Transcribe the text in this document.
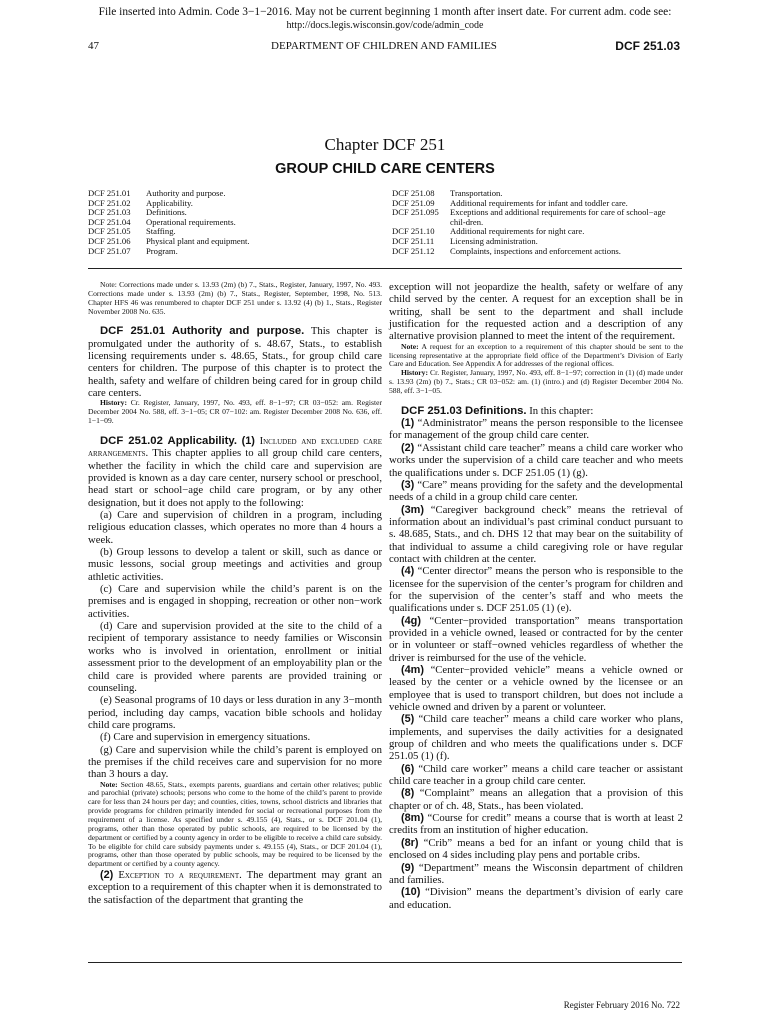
File inserted into Admin. Code 3−1−2016. May not be current beginning 1 month after insert date. For current adm. code see:
http://docs.legis.wisconsin.gov/code/admin_code
47	DEPARTMENT OF CHILDREN AND FAMILIES	DCF 251.03
Chapter DCF 251
GROUP CHILD CARE CENTERS
DCF 251.01	Authority and purpose.
DCF 251.02	Applicability.
DCF 251.03	Definitions.
DCF 251.04	Operational requirements.
DCF 251.05	Staffing.
DCF 251.06	Physical plant and equipment.
DCF 251.07	Program.
DCF 251.08	Transportation.
DCF 251.09	Additional requirements for infant and toddler care.
DCF 251.095	Exceptions and additional requirements for care of school−age chil-dren.
DCF 251.10	Additional requirements for night care.
DCF 251.11	Licensing administration.
DCF 251.12	Complaints, inspections and enforcement actions.

Note: Corrections made under s. 13.93 (2m) (b) 7., Stats., Register, January, 1997, No. 493. Corrections made under s. 13.93 (2m) (b) 7., Stats., Register, September, 1998, No. 513. Chapter HFS 46 was renumbered to chapter DCF 251 under s. 13.92 (4) (b) 1., Stats., Register November 2008 No. 635.

DCF 251.01 Authority and purpose. This chapter is promulgated under the authority of s. 48.67, Stats., to establish licensing requirements under s. 48.65, Stats., for group child care centers for children. The purpose of this chapter is to protect the health, safety and welfare of children being cared for in group child care centers.

History: Cr. Register, January, 1997, No. 493, eff. 8−1−97; CR 03−052: am. Register December 2004 No. 588, eff. 3−1−05; CR 07−102: am. Register December 2008 No. 636, eff. 1−1−09.

DCF 251.02 Applicability. (1) Included and excluded care arrangements. This chapter applies to all group child care centers, whether the facility in which the child care and supervision are provided is known as a day care center, nursery school or preschool, head start or school−age child care program, or by any other designation, but it does not apply to the following:

(a) Care and supervision of children in a program, including religious education classes, which operates no more than 4 hours a week.

(b) Group lessons to develop a talent or skill, such as dance or music lessons, social group meetings and activities and group athletic activities.

(c) Care and supervision while the child’s parent is on the premises and is engaged in shopping, recreation or other non−work activities.

(d) Care and supervision provided at the site to the child of a recipient of temporary assistance to needy families or Wisconsin works who is involved in orientation, enrollment or initial assessment prior to the development of an employability plan or the child care is provided where parents are provided training or counseling.

(e) Seasonal programs of 10 days or less duration in any 3−month period, including day camps, vacation bible schools and holiday child care programs.

(f) Care and supervision in emergency situations.

(g) Care and supervision while the child’s parent is employed on the premises if the child receives care and supervision for no more than 3 hours a day.

Note: Section 48.65, Stats., exempts parents, guardians and certain other relatives; public and parochial (private) schools; persons who come to the home of the child’s parent to provide care for less than 24 hours per day; and counties, cities, towns, school districts and libraries that provide programs for children primarily intended for social or recreational purposes from the requirement of a license. As specified under s. 49.155 (4), Stats., or s. DCF 201.04 (1), programs, other than those operated by public schools, are required to be licensed by the department or certified by a county agency in order to be eligible to receive a child care subsidy. To be eligible for child care subsidy payments under s. 49.155 (4), Stats., or DCF 201.04 (1), programs, other than those operated by public schools, may be required to be licensed by the department or certified by a county agency.

(2) Exception to a requirement. The department may grant an exception to a requirement of this chapter when it is demonstrated to the satisfaction of the department that granting the

exception will not jeopardize the health, safety or welfare of any child served by the center. A request for an exception shall be in writing, shall be sent to the department and shall include justification for the requested action and a description of any alternative provision planned to meet the intent of the requirement.

Note: A request for an exception to a requirement of this chapter should be sent to the licensing representative at the appropriate field office of the Department’s Division of Early Care and Education. See Appendix A for addresses of the regional offices.

History: Cr. Register, January, 1997, No. 493, eff. 8−1−97; correction in (1) (d) made under s. 13.93 (2m) (b) 7., Stats.; CR 03−052: am. (1) (intro.) and (d) Register December 2004 No. 588, eff. 3−1−05.

DCF 251.03 Definitions. In this chapter:

(1) “Administrator” means the person responsible to the licensee for management of the group child care center.

(2) “Assistant child care teacher” means a child care worker who works under the supervision of a child care teacher and who meets the qualifications under s. DCF 251.05 (1) (g).

(3) “Care” means providing for the safety and the developmental needs of a child in a group child care center.

(3m) “Caregiver background check” means the retrieval of information about an individual’s past criminal conduct pursuant to s. 48.685, Stats., and ch. DHS 12 that may bear on the suitability of that individual to assume a child caregiving role or have regular contact with children at the center.

(4) “Center director” means the person who is responsible to the licensee for the supervision of the center’s program for children and for the supervision of the center’s staff and who meets the qualifications under s. DCF 251.05 (1) (e).

(4g) “Center−provided transportation” means transportation provided in a vehicle owned, leased or contracted for by the center or in volunteer or staff−owned vehicles regardless of whether the driver is reimbursed for the use of the vehicle.

(4m) “Center−provided vehicle” means a vehicle owned or leased by the center or a vehicle owned by the licensee or an employee that is used to transport children, but does not include a vehicle owned and driven by a parent or volunteer.

(5) “Child care teacher” means a child care worker who plans, implements, and supervises the daily activities for a designated group of children and who meets the qualifications under s. DCF 251.05 (1) (f).

(6) “Child care worker” means a child care teacher or assistant child care teacher in a group child care center.

(8) “Complaint” means an allegation that a provision of this chapter or of ch. 48, Stats., has been violated.

(8m) “Course for credit” means a course that is worth at least 2 credits from an institution of higher education.

(8r) “Crib” means a bed for an infant or young child that is enclosed on 4 sides including play pens and portable cribs.

(9) “Department” means the Wisconsin department of children and families.

(10) “Division” means the department’s division of early care and education.

Register February 2016 No. 722
